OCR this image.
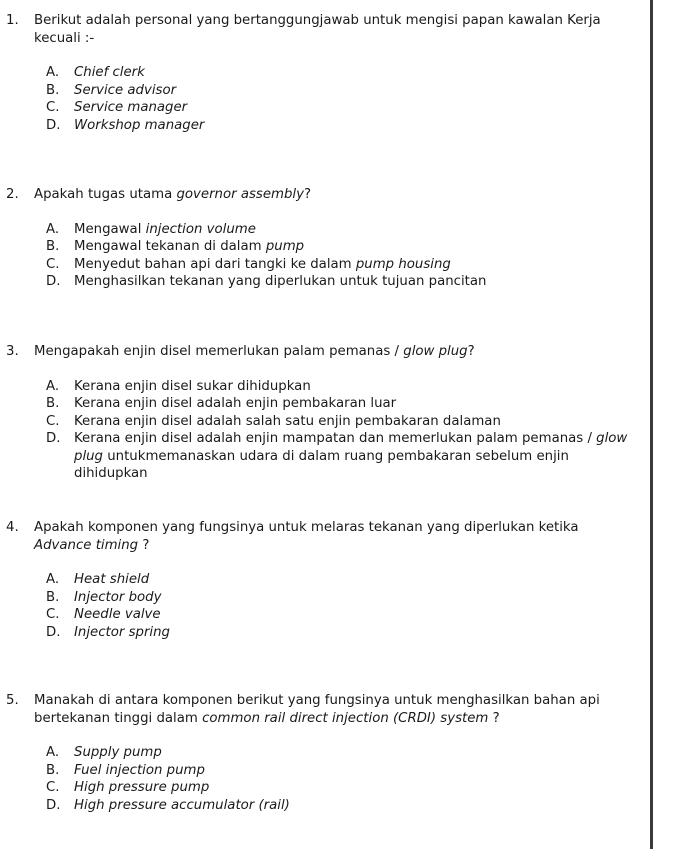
1.	Berikut adalah personal yang bertanggungjawab untuk mengisi papan kawalan Kerja kecuali :-
A.	Chief clerk
B.	Service advisor
C.	Service manager
D.	Workshop manager
2.	Apakah tugas utama governor assembly?
A.	Mengawal injection volume
B.	Mengawal tekanan di dalam pump
C.	Menyedut bahan api dari tangki ke dalam pump housing
D.	Menghasilkan tekanan yang diperlukan untuk tujuan pancitan
3.	Mengapakah enjin disel memerlukan palam pemanas / glow plug?
A.	Kerana enjin disel sukar dihidupkan
B.	Kerana enjin disel adalah enjin pembakaran luar
C.	Kerana enjin disel adalah salah satu enjin pembakaran dalaman
D.	Kerana enjin disel adalah enjin mampatan dan memerlukan palam pemanas / glow plug untukmemanaskan udara di dalam ruang pembakaran sebelum enjin dihidupkan
4.	Apakah komponen yang fungsinya untuk melaras tekanan yang diperlukan ketika Advance timing ?
A.	Heat shield
B.	Injector body
C.	Needle valve
D.	Injector spring
5.	Manakah di antara komponen berikut yang fungsinya untuk menghasilkan bahan api bertekanan tinggi dalam common rail direct injection (CRDI) system ?
A.	Supply pump
B.	Fuel injection pump
C.	High pressure pump
D.	High pressure accumulator (rail)
